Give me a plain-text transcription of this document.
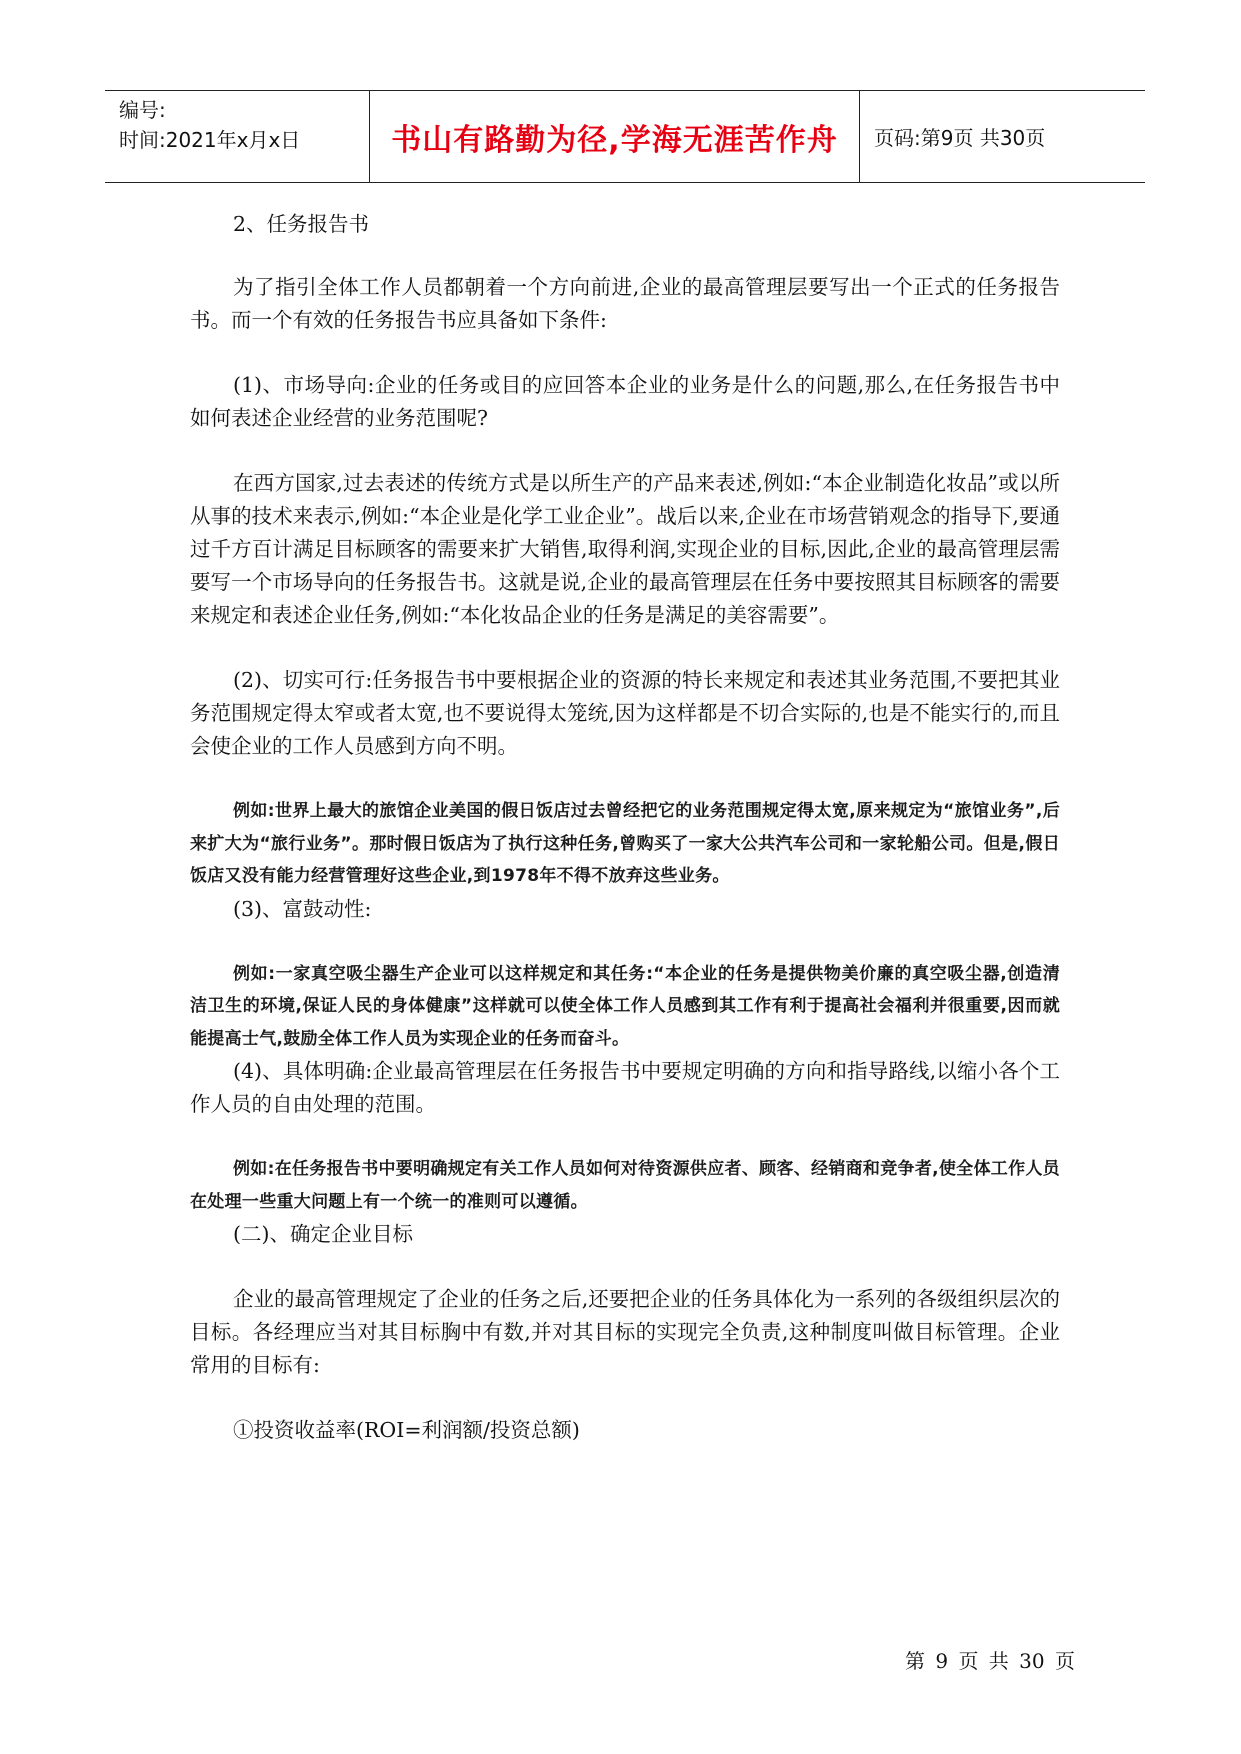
编号:
时间:2021年x月x日	书山有路勤为径,学海无涯苦作舟 页码:第9页 共30页

2、任务报告书

为了指引全体工作人员都朝着一个方向前进,企业的最高管理层要写出一个正式的任务报告书。而一个有效的任务报告书应具备如下条件:

(1)、市场导向:企业的任务或目的应回答本企业的业务是什么的问题,那么,在任务报告书中如何表述企业经营的业务范围呢?

在西方国家,过去表述的传统方式是以所生产的产品来表述,例如:“本企业制造化妆品”或以所从事的技术来表示,例如:“本企业是化学工业企业”。战后以来,企业在市场营销观念的指导下,要通过千方百计满足目标顾客的需要来扩大销售,取得利润,实现企业的目标,因此,企业的最高管理层需要写一个市场导向的任务报告书。这就是说,企业的最高管理层在任务中要按照其目标顾客的需要来规定和表述企业任务,例如:“本化妆品企业的任务是满足的美容需要”。

(2)、切实可行:任务报告书中要根据企业的资源的特长来规定和表述其业务范围,不要把其业务范围规定得太窄或者太宽,也不要说得太笼统,因为这样都是不切合实际的,也是不能实行的,而且会使企业的工作人员感到方向不明。

例如:世界上最大的旅馆企业美国的假日饭店过去曾经把它的业务范围规定得太宽,原来规定为“旅馆业务”,后来扩大为“旅行业务”。那时假日饭店为了执行这种任务,曾购买了一家大公共汽车公司和一家轮船公司。但是,假日饭店又没有能力经营管理好这些企业,到1978年不得不放弃这些业务。

(3)、富鼓动性:

例如:一家真空吸尘器生产企业可以这样规定和其任务:“本企业的任务是提供物美价廉的真空吸尘器,创造清洁卫生的环境,保证人民的身体健康”这样就可以使全体工作人员感到其工作有利于提高社会福利并很重要,因而就能提高士气,鼓励全体工作人员为实现企业的任务而奋斗。

(4)、具体明确:企业最高管理层在任务报告书中要规定明确的方向和指导路线,以缩小各个工作人员的自由处理的范围。

例如:在任务报告书中要明确规定有关工作人员如何对待资源供应者、顾客、经销商和竞争者,使全体工作人员在处理一些重大问题上有一个统一的准则可以遵循。

(二)、确定企业目标

企业的最高管理规定了企业的任务之后,还要把企业的任务具体化为一系列的各级组织层次的目标。各经理应当对其目标胸中有数,并对其目标的实现完全负责,这种制度叫做目标管理。企业常用的目标有:

①投资收益率(ROI=利润额/投资总额)

第 9 页 共 30 页
